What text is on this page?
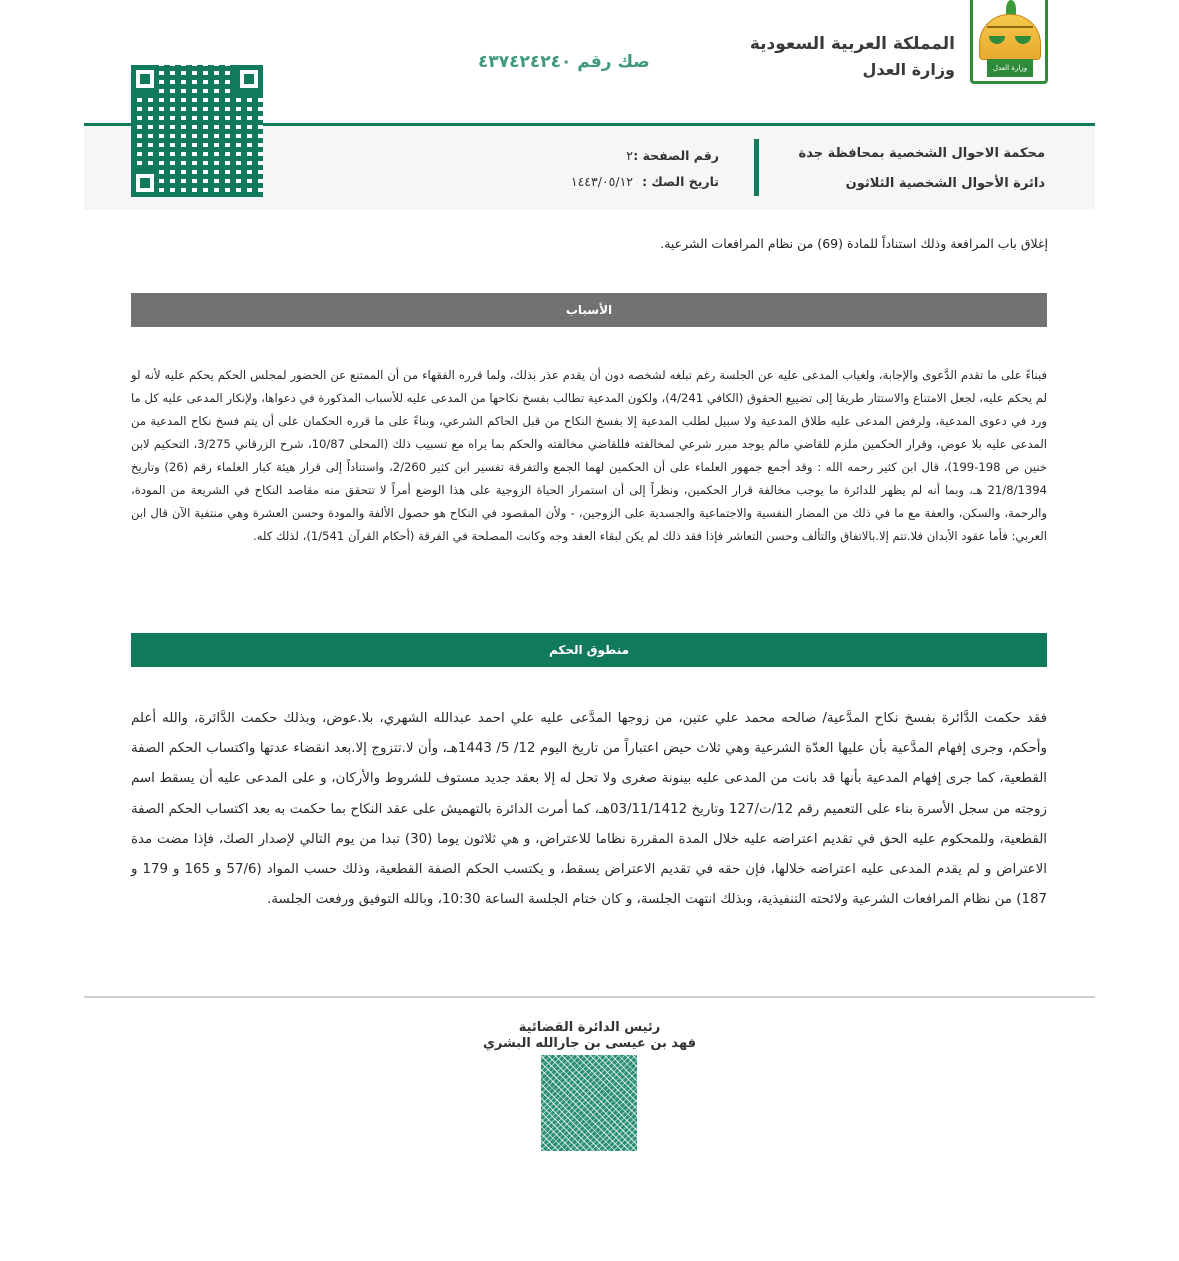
وزارة العدل
المملكة العربية السعودية
وزارة العدل
صك رقم ٤٣٧٤٢٤٢٤٠
محكمة الاحوال الشخصية بمحافظة جدة
دائرة الأحوال الشخصية الثلاثون
رقم الصفحة : ٢
تاريخ الصك : ١٤٤٣/٠٥/١٢
إغلاق باب المرافعة وذلك استناداً للمادة (69) من نظام المرافعات الشرعية.
الأسباب
فبناءً على ما تقدم الدَّعوى والإجابة، ولغياب المدعى عليه عن الجلسة رغم تبلغه لشخصه دون أن يقدم عذر بذلك، ولما قرره الفقهاء من أن الممتنع عن الحضور لمجلس الحكم يحكم عليه لأنه لو لم يحكم عليه، لجعل الامتناع والاستتار طريقا إلى تضييع الحقوق (الكافي 4/241)، ولكون المدعية تطالب بفسخ نكاحها من المدعى عليه للأسباب المذكورة في دعواها، ولإنكار المدعى عليه كل ما ورد في دعوى المدعية، ولرفض المدعى عليه طلاق المدعية ولا سبيل لطلب المدعية إلا بفسخ النكاح من قبل الحاكم الشرعي، وبناءً على ما قرره الحكمان على أن يتم فسخ نكاح المدعية من المدعى عليه بلا عوض، وقرار الحكمين ملزم للقاضي مالم يوجد مبرر شرعي لمخالفته فللقاضي مخالفته والحكم بما يراه مع تسبيب ذلك (المحلى 10/87، شرح الزرقاني 3/275، التحكيم لابن خنين ص 198-199)، قال ابن كثير رحمه الله : وقد أجمع جمهور العلماء على أن الحكمين لهما الجمع والتفرقة تفسير ابن كثير 2/260، واستناداً إلى قرار هيئة كبار العلماء رقم (26) وتاريخ 21/8/1394 هـ، وبما أنه لم يظهر للدائرة ما يوجب مخالفة قرار الحكمين، ونظراً إلى أن استمرار الحياة الزوجية على هذا الوضع أمراً لا تتحقق منه مقاصد النكاح في الشريعة من المودة، والرحمة، والسكن، والعفة مع ما في ذلك من المضار النفسية والاجتماعية والجسدية على الزوجين، - ولأن المقصود في النكاح هو حصول الألفة والمودة وحسن العشرة وهي منتفية الآن قال ابن العربي: فأما عقود الأبدان فلا.تتم إلا.بالاتفاق والتألف وحسن التعاشر فإذا فقد ذلك لم يكن لبقاء العقد وجه وكانت المصلحة في الفرقة (أحكام القرآن 1/541)، لذلك كله.
منطوق الحكم
فقد حكمت الدَّائرة بفسخ نكاح المدَّعية/ صالحه محمد علي عتين، من زوجها المدَّعى عليه علي احمد عبدالله الشهري، بلا.عوض، وبذلك حكمت الدَّائرة، والله أعلم وأحكم، وجرى إفهام المدَّعية بأن عليها العدّة الشرعية وهي ثلاث حيض اعتباراً من تاريخ اليوم 12/ 5/ 1443هـ، وأن لا.تتزوج إلا.بعد انقضاء عدتها واكتساب الحكم الصفة القطعية، كما جرى إفهام المدعية بأنها قد بانت من المدعى عليه بينونة صغرى ولا تحل له إلا بعقد جديد مستوف للشروط والأركان، و على المدعى عليه أن يسقط اسم زوجته من سجل الأسرة بناء على التعميم رقم 12/ت/127 وتاريخ 03/11/1412هـ، كما أمرت الدائرة بالتهميش على عقد النكاح بما حكمت به بعد اكتساب الحكم الصفة القطعية، وللمحكوم عليه الحق في تقديم اعتراضه عليه خلال المدة المقررة نظاما للاعتراض، و هي ثلاثون يوما (30) تبدا من يوم التالي لإصدار الصك، فإذا مضت مدة الاعتراض و لم يقدم المدعى عليه اعتراضه خلالها، فإن حقه في تقديم الاعتراض يسقط، و يكتسب الحكم الصفة القطعية، وذلك حسب المواد (57/6 و 165 و 179 و 187) من نظام المرافعات الشرعية ولائحته التنفيذية، وبذلك انتهت الجلسة، و كان ختام الجلسة الساعة 10:30، وبالله التوفيق ورفعت الجلسة.
رئيس الدائرة القضائية
فهد بن عيسى بن جارالله البشري
